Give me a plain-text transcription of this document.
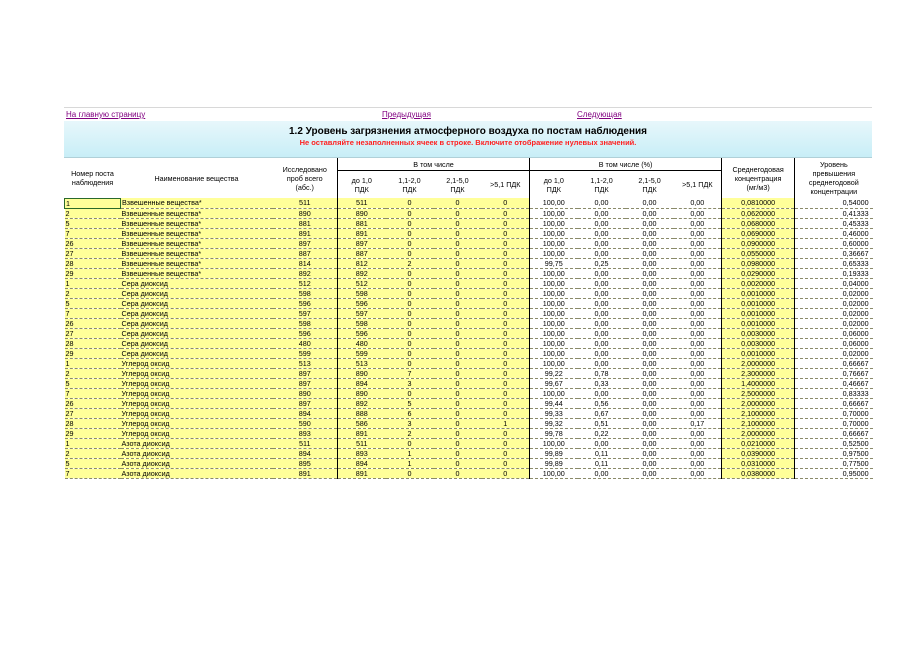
На главную страницу	Предыдущая	Следующая
1.2 Уровень загрязнения атмосферного воздуха по постам наблюдения
Не оставляйте незаполненных ячеек в строке. Включите отображение нулевых значений.
Номер поста наблюдения	Наименование вещества	Исследовано проб всего (абс.)	В том числе				В том числе (%)				Среднегодовая концентрация (мг/м3)	Уровень превышения среднегодовой концентрации
			до 1,0 ПДК	1,1-2,0 ПДК	2,1-5,0 ПДК	>5,1 ПДК	до 1,0 ПДК	1,1-2,0 ПДК	2,1-5,0 ПДК	>5,1 ПДК		
1	Взвешенные вещества*	511	511	0	0	0	100,00	0,00	0,00	0,00	0,0810000	0,54000
2	Взвешенные вещества*	890	890	0	0	0	100,00	0,00	0,00	0,00	0,0620000	0,41333
5	Взвешенные вещества*	881	881	0	0	0	100,00	0,00	0,00	0,00	0,0680000	0,45333
7	Взвешенные вещества*	891	891	0	0	0	100,00	0,00	0,00	0,00	0,0690000	0,46000
26	Взвешенные вещества*	897	897	0	0	0	100,00	0,00	0,00	0,00	0,0900000	0,60000
27	Взвешенные вещества*	887	887	0	0	0	100,00	0,00	0,00	0,00	0,0550000	0,36667
28	Взвешенные вещества*	814	812	2	0	0	99,75	0,25	0,00	0,00	0,0980000	0,65333
29	Взвешенные вещества*	892	892	0	0	0	100,00	0,00	0,00	0,00	0,0290000	0,19333
1	Сера диоксид	512	512	0	0	0	100,00	0,00	0,00	0,00	0,0020000	0,04000
2	Сера диоксид	598	598	0	0	0	100,00	0,00	0,00	0,00	0,0010000	0,02000
5	Сера диоксид	596	596	0	0	0	100,00	0,00	0,00	0,00	0,0010000	0,02000
7	Сера диоксид	597	597	0	0	0	100,00	0,00	0,00	0,00	0,0010000	0,02000
26	Сера диоксид	598	598	0	0	0	100,00	0,00	0,00	0,00	0,0010000	0,02000
27	Сера диоксид	596	596	0	0	0	100,00	0,00	0,00	0,00	0,0030000	0,06000
28	Сера диоксид	480	480	0	0	0	100,00	0,00	0,00	0,00	0,0030000	0,06000
29	Сера диоксид	599	599	0	0	0	100,00	0,00	0,00	0,00	0,0010000	0,02000
1	Углерод оксид	513	513	0	0	0	100,00	0,00	0,00	0,00	2,0000000	0,66667
2	Углерод оксид	897	890	7	0	0	99,22	0,78	0,00	0,00	2,3000000	0,76667
5	Углерод оксид	897	894	3	0	0	99,67	0,33	0,00	0,00	1,4000000	0,46667
7	Углерод оксид	890	890	0	0	0	100,00	0,00	0,00	0,00	2,5000000	0,83333
26	Углерод оксид	897	892	5	0	0	99,44	0,56	0,00	0,00	2,0000000	0,66667
27	Углерод оксид	894	888	6	0	0	99,33	0,67	0,00	0,00	2,1000000	0,70000
28	Углерод оксид	590	586	3	0	1	99,32	0,51	0,00	0,17	2,1000000	0,70000
29	Углерод оксид	893	891	2	0	0	99,78	0,22	0,00	0,00	2,0000000	0,66667
1	Азота диоксид	511	511	0	0	0	100,00	0,00	0,00	0,00	0,0210000	0,52500
2	Азота диоксид	894	893	1	0	0	99,89	0,11	0,00	0,00	0,0390000	0,97500
5	Азота диоксид	895	894	1	0	0	99,89	0,11	0,00	0,00	0,0310000	0,77500
7	Азота диоксид	891	891	0	0	0	100,00	0,00	0,00	0,00	0,0380000	0,95000
